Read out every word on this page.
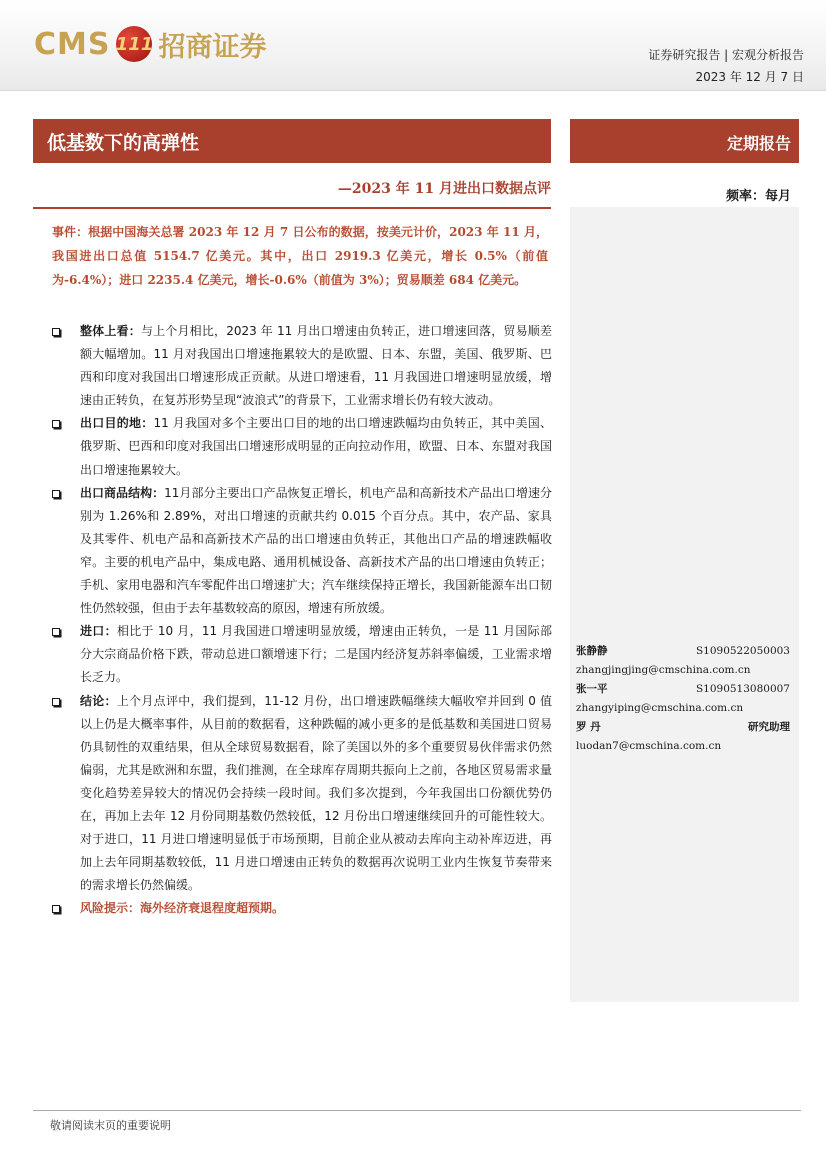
CMS 111 招商证券	证券研究报告 | 宏观分析报告
2023 年 12 月 7 日
低基数下的高弹性	定期报告
—2023 年 11 月进出口数据点评	频率：每月
事件：根据中国海关总署 2023 年 12 月 7 日公布的数据，按美元计价，2023 年 11 月，我国进出口总值 5154.7 亿美元。其中，出口 2919.3 亿美元，增长 0.5%（前值为-6.4%）；进口 2235.4 亿美元，增长-0.6%（前值为 3%）；贸易顺差 684 亿美元。
整体上看：与上个月相比，2023 年 11 月出口增速由负转正，进口增速回落，贸易顺差额大幅增加。11 月对我国出口增速拖累较大的是欧盟、日本、东盟，美国、俄罗斯、巴西和印度对我国出口增速形成正贡献。从进口增速看，11 月我国进口增速明显放缓，增速由正转负，在复苏形势呈现“波浪式”的背景下，工业需求增长仍有较大波动。
出口目的地：11 月我国对多个主要出口目的地的出口增速跌幅均由负转正，其中美国、俄罗斯、巴西和印度对我国出口增速形成明显的正向拉动作用，欧盟、日本、东盟对我国出口增速拖累较大。
出口商品结构：11月部分主要出口产品恢复正增长，机电产品和高新技术产品出口增速分别为 1.26%和 2.89%，对出口增速的贡献共约 0.015 个百分点。其中，农产品、家具及其零件、机电产品和高新技术产品的出口增速由负转正，其他出口产品的增速跌幅收窄。主要的机电产品中，集成电路、通用机械设备、高新技术产品的出口增速由负转正；手机、家用电器和汽车零配件出口增速扩大；汽车继续保持正增长，我国新能源车出口韧性仍然较强，但由于去年基数较高的原因，增速有所放缓。
进口：相比于 10 月，11 月我国进口增速明显放缓，增速由正转负，一是 11 月国际部分大宗商品价格下跌，带动总进口额增速下行；二是国内经济复苏斜率偏缓，工业需求增长乏力。
结论：上个月点评中，我们提到，11-12 月份，出口增速跌幅继续大幅收窄并回到 0 值以上仍是大概率事件，从目前的数据看，这种跌幅的减小更多的是低基数和美国进口贸易仍具韧性的双重结果，但从全球贸易数据看，除了美国以外的多个重要贸易伙伴需求仍然偏弱，尤其是欧洲和东盟，我们推测，在全球库存周期共振向上之前，各地区贸易需求量变化趋势差异较大的情况仍会持续一段时间。我们多次提到，今年我国出口份额优势仍在，再加上去年 12 月份同期基数仍然较低，12 月份出口增速继续回升的可能性较大。对于进口，11 月进口增速明显低于市场预期，目前企业从被动去库向主动补库迈进，再加上去年同期基数较低，11 月进口增速由正转负的数据再次说明工业内生恢复节奏带来的需求增长仍然偏缓。
风险提示：海外经济衰退程度超预期。
张静静	S1090522050003
zhangjingjing@cmschina.com.cn
张一平	S1090513080007
zhangyiping@cmschina.com.cn
罗 丹	研究助理
luodan7@cmschina.com.cn
敬请阅读末页的重要说明
